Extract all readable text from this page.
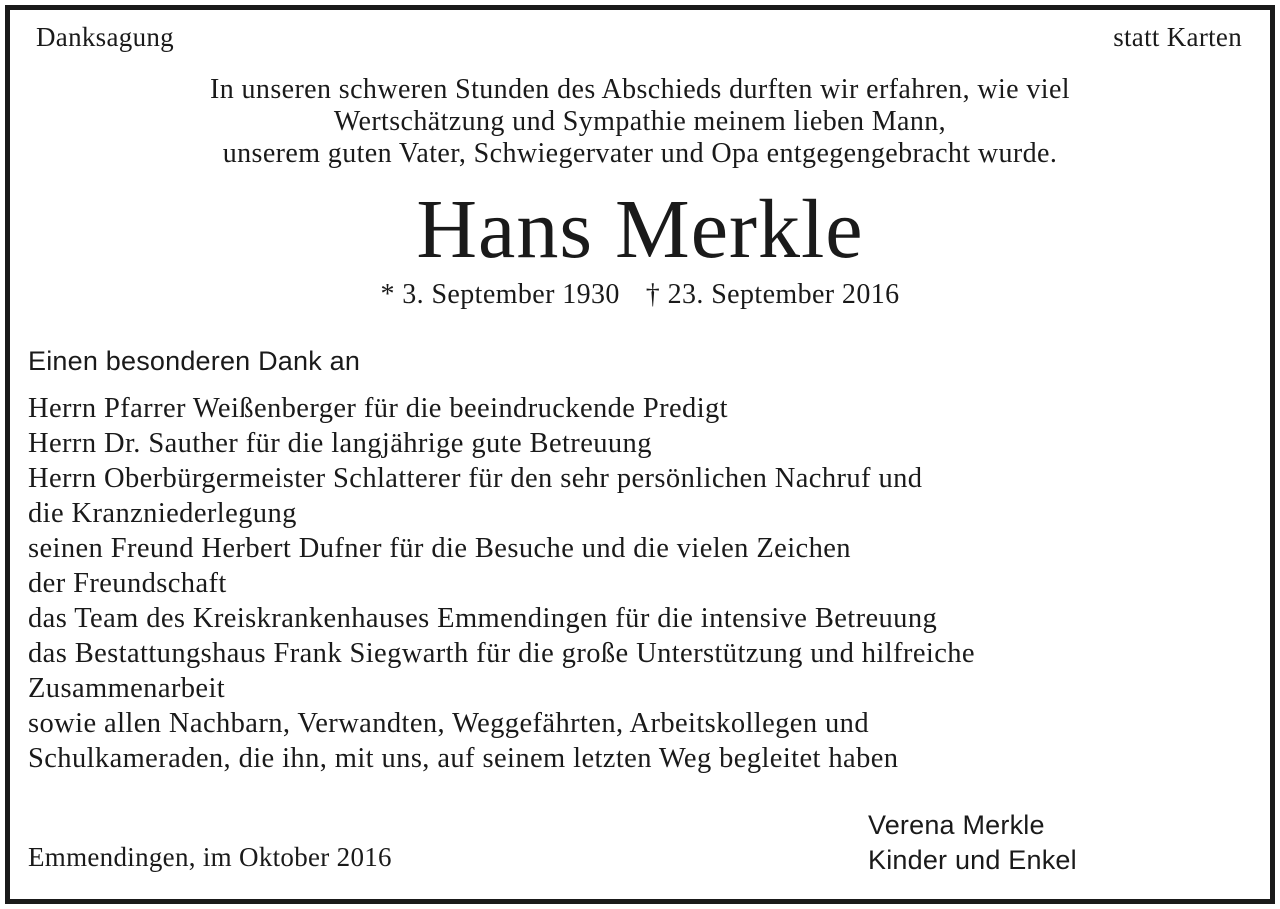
Danksagung	statt Karten
In unseren schweren Stunden des Abschieds durften wir erfahren, wie viel
Wertschätzung und Sympathie meinem lieben Mann,
unserem guten Vater, Schwiegervater und Opa entgegengebracht wurde.
Hans Merkle
* 3. September 1930 † 23. September 2016
Einen besonderen Dank an
Herrn Pfarrer Weißenberger für die beeindruckende Predigt
Herrn Dr. Sauther für die langjährige gute Betreuung
Herrn Oberbürgermeister Schlatterer für den sehr persönlichen Nachruf und
die Kranzniederlegung
seinen Freund Herbert Dufner für die Besuche und die vielen Zeichen
der Freundschaft
das Team des Kreiskrankenhauses Emmendingen für die intensive Betreuung
das Bestattungshaus Frank Siegwarth für die große Unterstützung und hilfreiche
Zusammenarbeit
sowie allen Nachbarn, Verwandten, Weggefährten, Arbeitskollegen und
Schulkameraden, die ihn, mit uns, auf seinem letzten Weg begleitet haben
Emmendingen, im Oktober 2016
Verena Merkle
Kinder und Enkel
